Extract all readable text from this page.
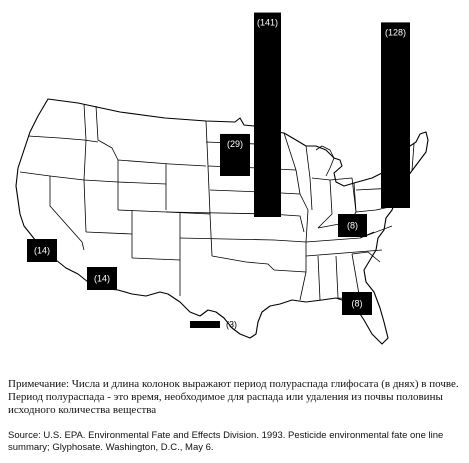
(141)
(128)
(29)
(14)
(14)
(8)
(8)
(3)

Примечание: Числа и длина колонок выражают период полураспада глифосата (в днях) в почве.

Период полураспада - это время, необходимое для распада или удаления из почвы половины исходного количества вещества

Source: U.S. EPA. Environmental Fate and Effects Division. 1993. Pesticide environmental fate one line summary; Glyphosate. Washington, D.C., May 6.
